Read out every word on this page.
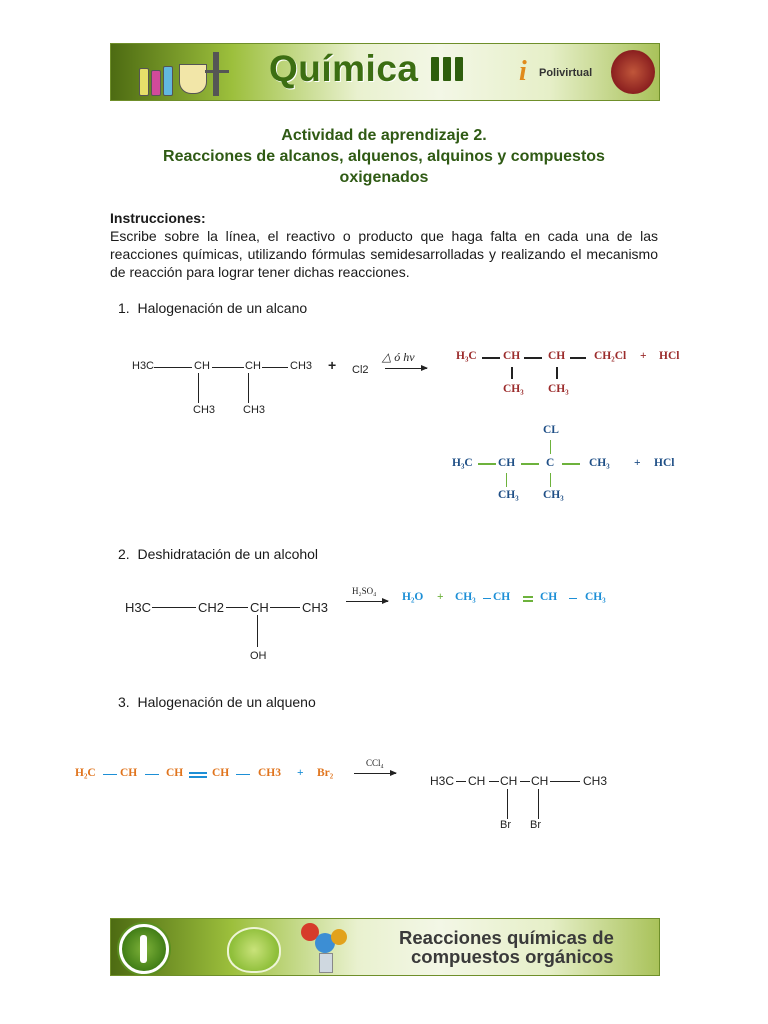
Química	i Polivirtual
Actividad de aprendizaje 2.
Reacciones de alcanos, alquenos, alquinos y compuestos
oxigenados
Instrucciones:
Escribe sobre la línea, el reactivo o producto que haga falta en cada una de las reacciones químicas, utilizando fórmulas semidesarrolladas y realizando el mecanismo de reacción para lograr tener dichas reacciones.
1. Halogenación de un alcano
H3C	CH	CH	CH3
CH3	CH3
+ Cl2
△ ó hv	H₃C CH CH	CH₂Cl + HCl
CH₃ CH₃
CL
H₃C CH	C	CH₃ + HCl
CH₃ CH₃
2. Deshidratación de un alcohol
H3C	CH2 CH	CH3
OH
H₂SO₄ H₂O + CH₃ CH	CH CH₃
3. Halogenación de un alqueno
H₂C CH	CH	CH	CH3 + Br₂
CCl₄
H3C CH CH CH	CH3
Br Br
Reacciones químicas de
compuestos orgánicos
